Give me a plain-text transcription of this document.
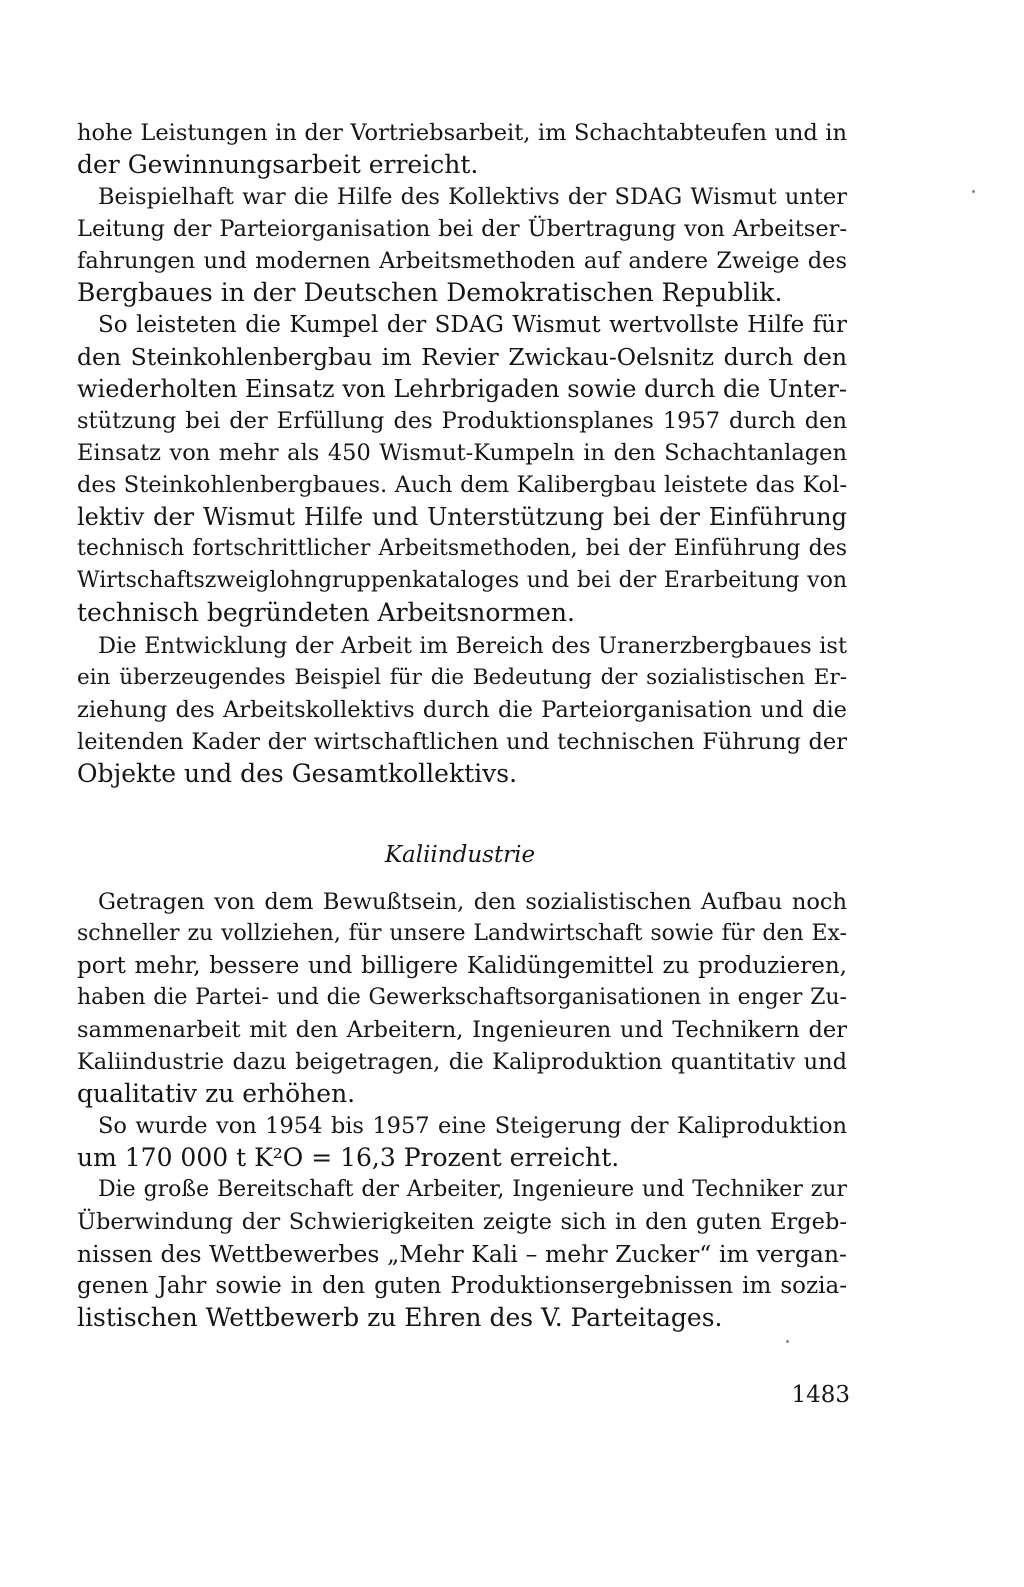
hohe Leistungen in der Vortriebsarbeit, im Schachtabteufen und in
der Gewinnungsarbeit erreicht.
Beispielhaft war die Hilfe des Kollektivs der SDAG Wismut unter
Leitung der Parteiorganisation bei der Übertragung von Arbeitser-
fahrungen und modernen Arbeitsmethoden auf andere Zweige des
Bergbaues in der Deutschen Demokratischen Republik.
So leisteten die Kumpel der SDAG Wismut wertvollste Hilfe für
den Steinkohlenbergbau im Revier Zwickau-Oelsnitz durch den
wiederholten Einsatz von Lehrbrigaden sowie durch die Unter-
stützung bei der Erfüllung des Produktionsplanes 1957 durch den
Einsatz von mehr als 450 Wismut-Kumpeln in den Schachtanlagen
des Steinkohlenbergbaues. Auch dem Kalibergbau leistete das Kol-
lektiv der Wismut Hilfe und Unterstützung bei der Einführung
technisch fortschrittlicher Arbeitsmethoden, bei der Einführung des
Wirtschaftszweiglohngruppenkataloges und bei der Erarbeitung von
technisch begründeten Arbeitsnormen.
Die Entwicklung der Arbeit im Bereich des Uranerzbergbaues ist
ein überzeugendes Beispiel für die Bedeutung der sozialistischen Er-
ziehung des Arbeitskollektivs durch die Parteiorganisation und die
leitenden Kader der wirtschaftlichen und technischen Führung der
Objekte und des Gesamtkollektivs.
Kaliindustrie
Getragen von dem Bewußtsein, den sozialistischen Aufbau noch
schneller zu vollziehen, für unsere Landwirtschaft sowie für den Ex-
port mehr, bessere und billigere Kalidüngemittel zu produzieren,
haben die Partei- und die Gewerkschaftsorganisationen in enger Zu-
sammenarbeit mit den Arbeitern, Ingenieuren und Technikern der
Kaliindustrie dazu beigetragen, die Kaliproduktion quantitativ und
qualitativ zu erhöhen.
So wurde von 1954 bis 1957 eine Steigerung der Kaliproduktion
um 170 000 t K²O = 16,3 Prozent erreicht.
Die große Bereitschaft der Arbeiter, Ingenieure und Techniker zur
Überwindung der Schwierigkeiten zeigte sich in den guten Ergeb-
nissen des Wettbewerbes „Mehr Kali – mehr Zucker“ im vergan-
genen Jahr sowie in den guten Produktionsergebnissen im sozia-
listischen Wettbewerb zu Ehren des V. Parteitages.
1483
